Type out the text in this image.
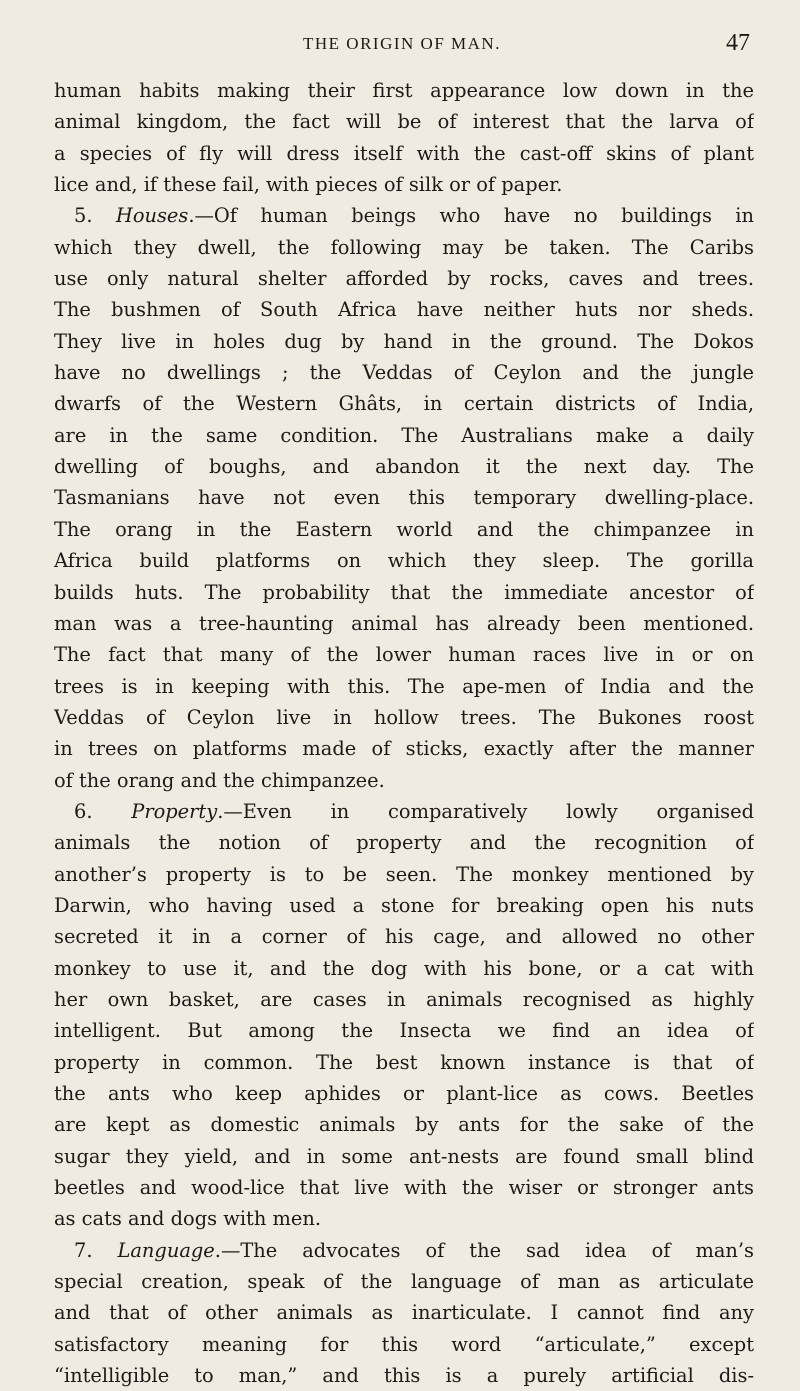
THE ORIGIN OF MAN.	47
human habits making their first appearance low down in the
animal kingdom, the fact will be of interest that the larva of
a species of fly will dress itself with the cast-off skins of plant
lice and, if these fail, with pieces of silk or of paper.
5. Houses.—Of human beings who have no buildings in
which they dwell, the following may be taken. The Caribs
use only natural shelter afforded by rocks, caves and trees.
The bushmen of South Africa have neither huts nor sheds.
They live in holes dug by hand in the ground. The Dokos
have no dwellings ; the Veddas of Ceylon and the jungle
dwarfs of the Western Ghâts, in certain districts of India,
are in the same condition. The Australians make a daily
dwelling of boughs, and abandon it the next day. The
Tasmanians have not even this temporary dwelling-place.
The orang in the Eastern world and the chimpanzee in
Africa build platforms on which they sleep. The gorilla
builds huts. The probability that the immediate ancestor of
man was a tree-haunting animal has already been mentioned.
The fact that many of the lower human races live in or on
trees is in keeping with this. The ape-men of India and the
Veddas of Ceylon live in hollow trees. The Bukones roost
in trees on platforms made of sticks, exactly after the manner
of the orang and the chimpanzee.
6. Property.—Even in comparatively lowly organised
animals the notion of property and the recognition of
another’s property is to be seen. The monkey mentioned by
Darwin, who having used a stone for breaking open his nuts
secreted it in a corner of his cage, and allowed no other
monkey to use it, and the dog with his bone, or a cat with
her own basket, are cases in animals recognised as highly
intelligent. But among the Insecta we find an idea of
property in common. The best known instance is that of
the ants who keep aphides or plant-lice as cows. Beetles
are kept as domestic animals by ants for the sake of the
sugar they yield, and in some ant-nests are found small blind
beetles and wood-lice that live with the wiser or stronger ants
as cats and dogs with men.
7. Language.—The advocates of the sad idea of man’s
special creation, speak of the language of man as articulate
and that of other animals as inarticulate. I cannot find any
satisfactory meaning for this word “articulate,” except
“intelligible to man,” and this is a purely artificial dis-
